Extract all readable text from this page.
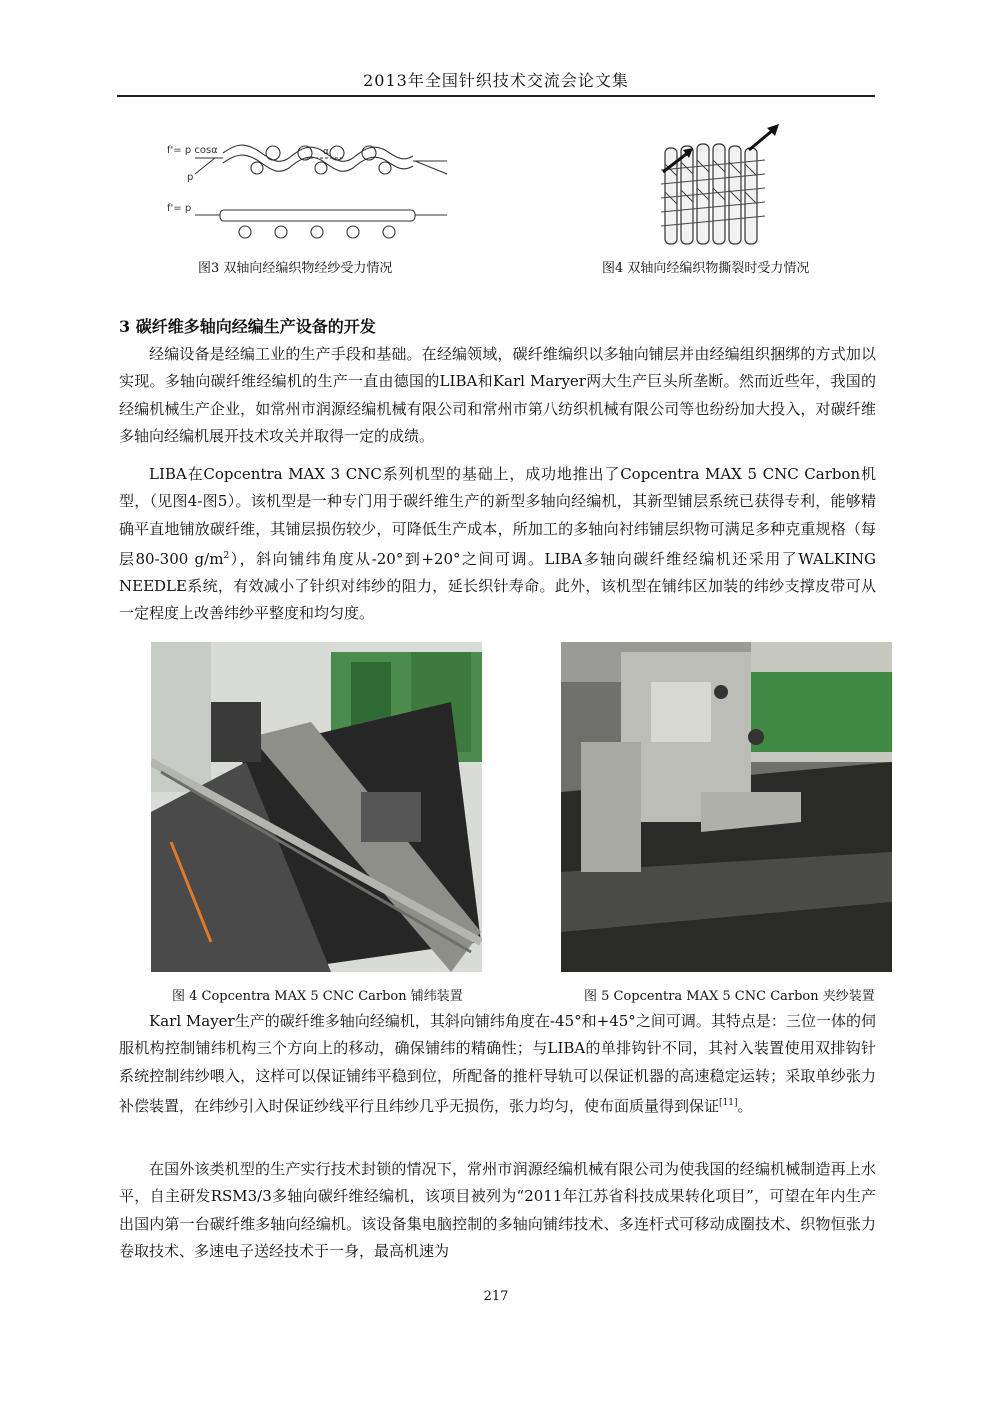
2013年全国针织技术交流会论文集
f'= p cosα
p
α
f'= p
图3 双轴向经编织物经纱受力情况	图4 双轴向经编织物撕裂时受力情况
3 碳纤维多轴向经编生产设备的开发
经编设备是经编工业的生产手段和基础。在经编领域，碳纤维编织以多轴向铺层并由经编组织捆绑的方式加以实现。多轴向碳纤维经编机的生产一直由德国的LIBA和Karl Maryer两大生产巨头所垄断。然而近些年，我国的经编机械生产企业，如常州市润源经编机械有限公司和常州市第八纺织机械有限公司等也纷纷加大投入，对碳纤维多轴向经编机展开技术攻关并取得一定的成绩。
LIBA在Copcentra MAX 3 CNC系列机型的基础上，成功地推出了Copcentra MAX 5 CNC Carbon机型，（见图4-图5）。该机型是一种专门用于碳纤维生产的新型多轴向经编机，其新型铺层系统已获得专利，能够精确平直地铺放碳纤维，其铺层损伤较少，可降低生产成本，所加工的多轴向衬纬铺层织物可满足多种克重规格（每层80-300 $g/m^2$），斜向铺纬角度从-20°到+20°之间可调。LIBA多轴向碳纤维经编机还采用了WALKING NEEDLE系统，有效减小了针织对纬纱的阻力，延长织针寿命。此外，该机型在铺纬区加装的纬纱支撑皮带可从一定程度上改善纬纱平整度和均匀度。
图 4 Copcentra MAX 5 CNC Carbon 铺纬装置	图 5 Copcentra MAX 5 CNC Carbon 夹纱装置
Karl Mayer生产的碳纤维多轴向经编机，其斜向铺纬角度在-45°和+45°之间可调。其特点是：三位一体的伺服机构控制铺纬机构三个方向上的移动，确保铺纬的精确性；与LIBA的单排钩针不同，其衬入装置使用双排钩针系统控制纬纱喂入，这样可以保证铺纬平稳到位，所配备的推杆导轨可以保证机器的高速稳定运转；采取单纱张力补偿装置，在纬纱引入时保证纱线平行且纬纱几乎无损伤，张力均匀，使布面质量得到保证[11]。
在国外该类机型的生产实行技术封锁的情况下，常州市润源经编机械有限公司为使我国的经编机械制造再上水平，自主研发RSM3/3多轴向碳纤维经编机，该项目被列为“2011年江苏省科技成果转化项目”，可望在年内生产出国内第一台碳纤维多轴向经编机。该设备集电脑控制的多轴向铺纬技术、多连杆式可移动成圈技术、织物恒张力卷取技术、多速电子送经技术于一身，最高机速为
217
